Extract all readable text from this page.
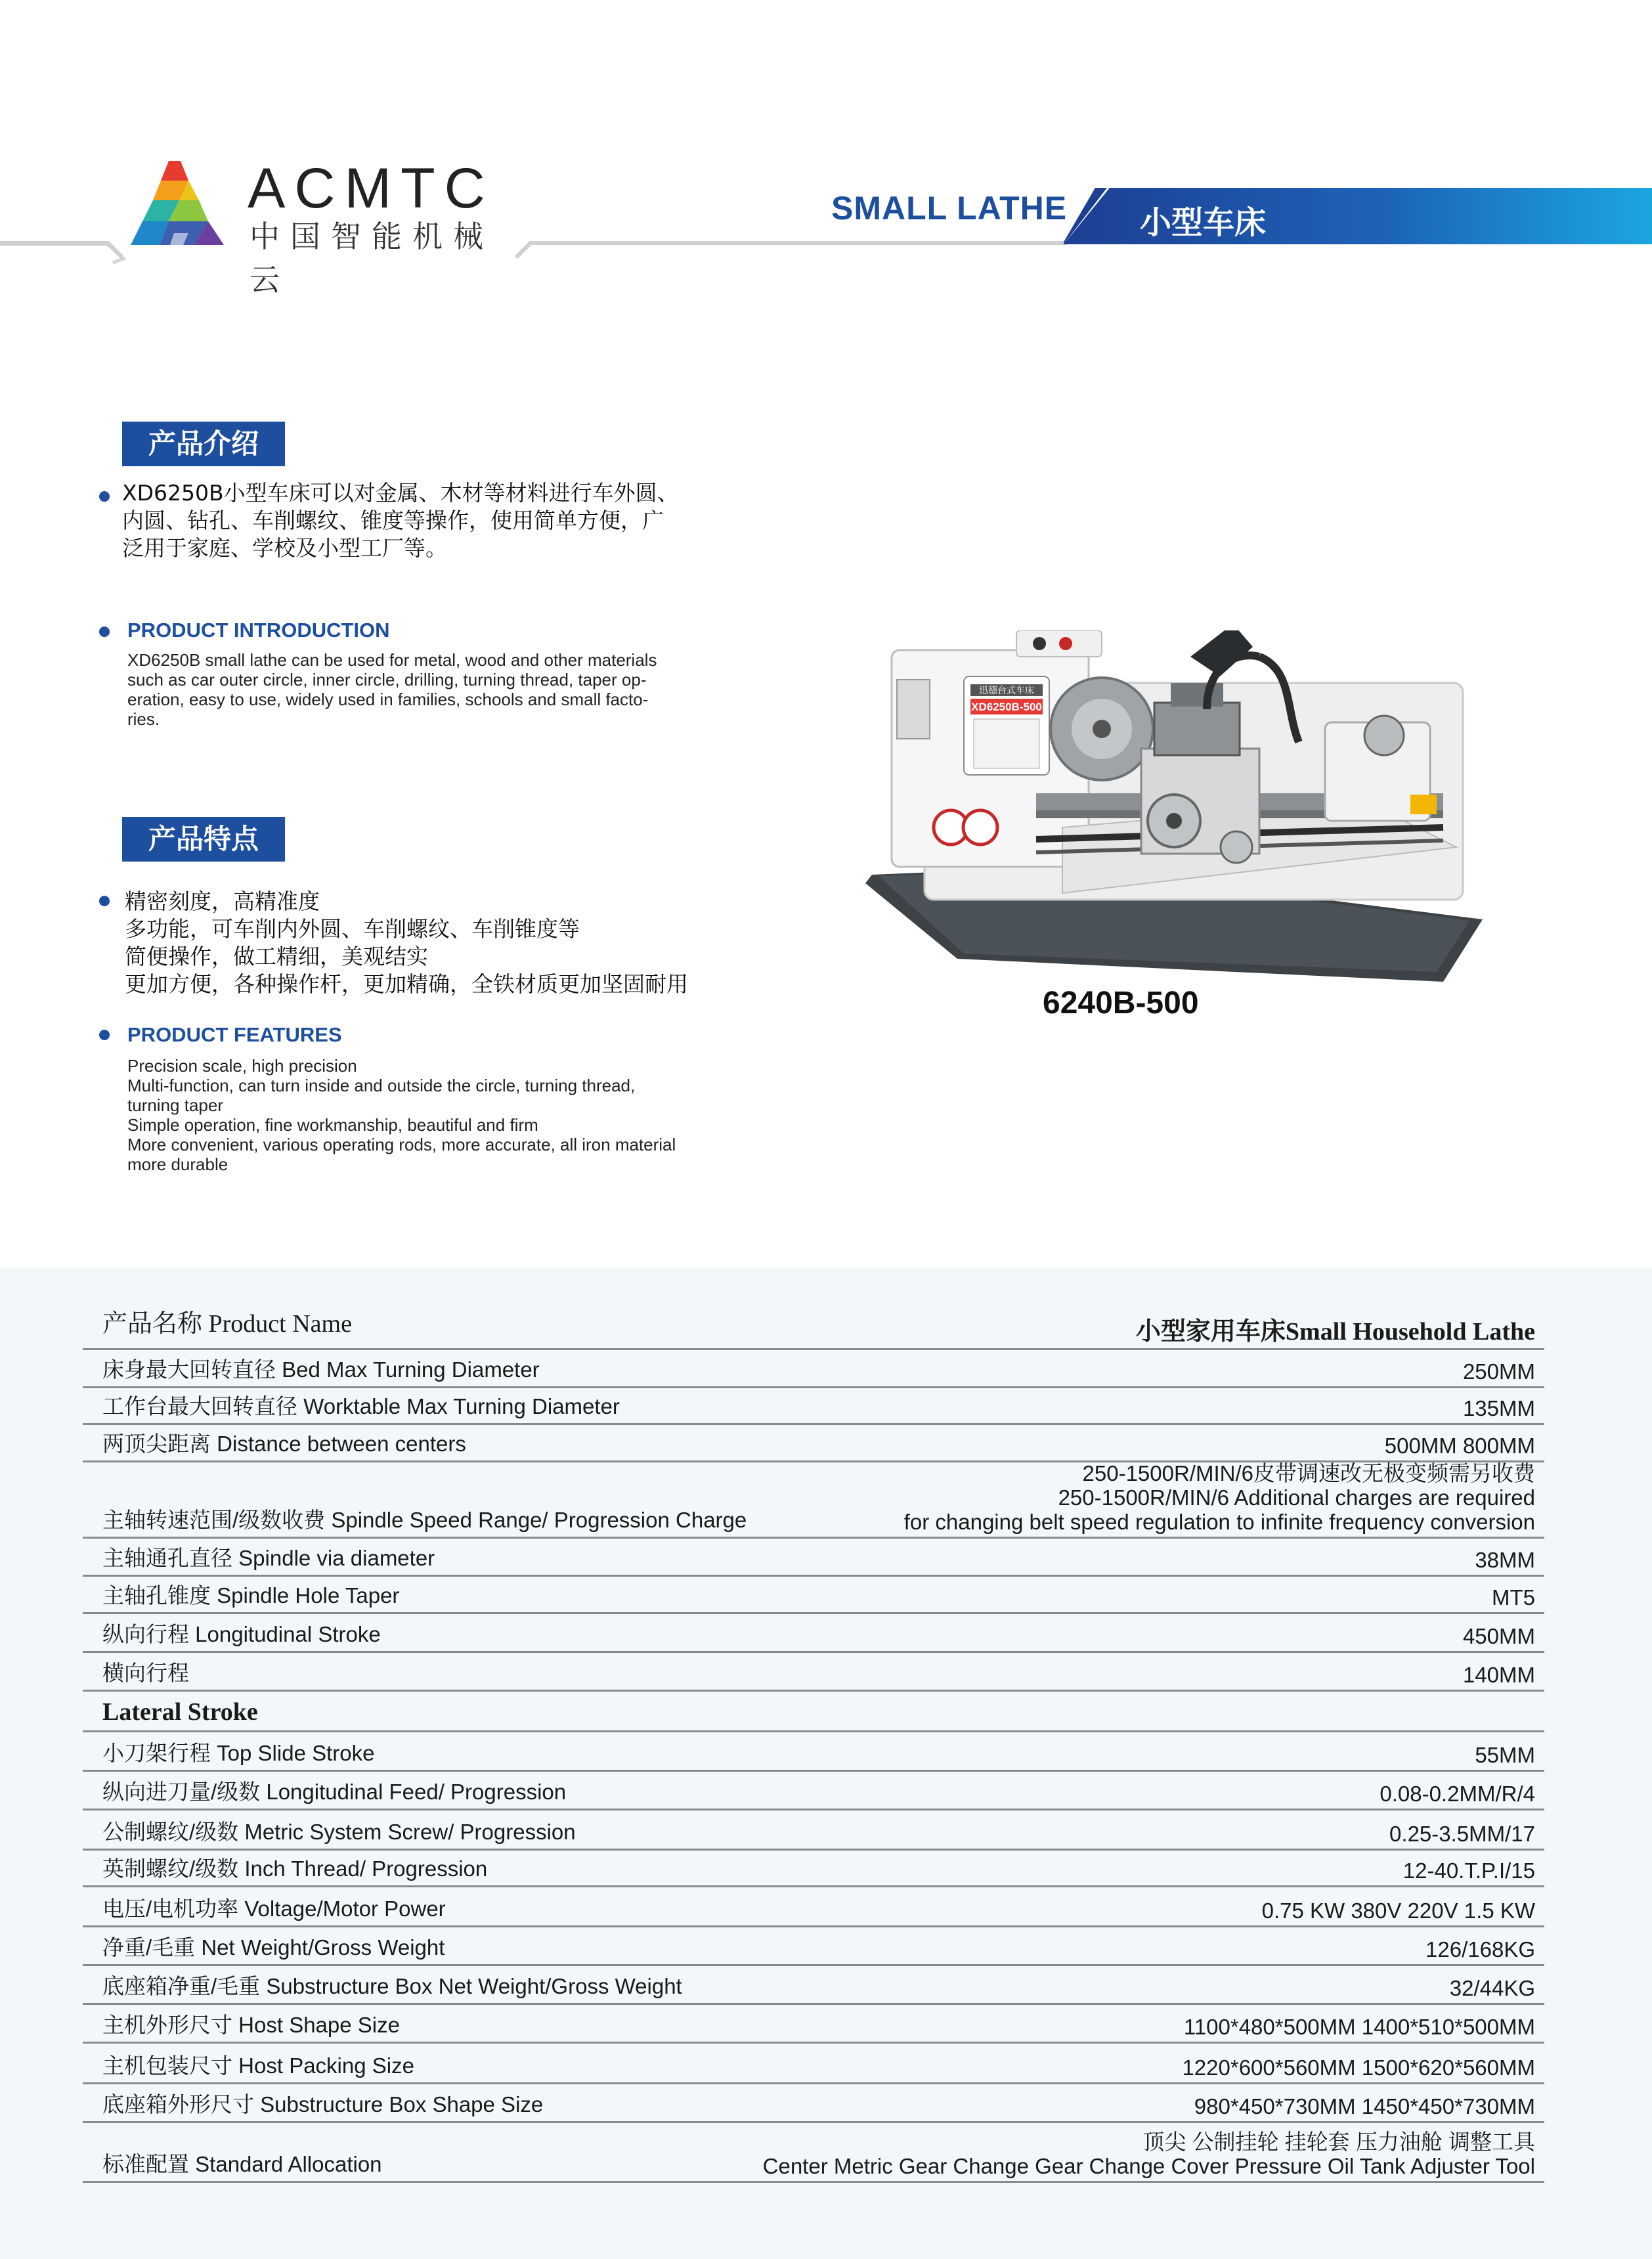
ACMTC
中国智能机械云
SMALL LATHE 小型车床
产品介绍
XD6250B小型车床可以对金属、木材等材料进行车外圆、
内圆、钻孔、车削螺纹、锥度等操作，使用简单方便，广
泛用于家庭、学校及小型工厂等。
PRODUCT INTRODUCTION
XD6250B small lathe can be used for metal, wood and other materials
such as car outer circle, inner circle, drilling, turning thread, taper op-
eration, easy to use, widely used in families, schools and small facto-
ries.
产品特点
精密刻度，高精准度
多功能，可车削内外圆、车削螺纹、车削锥度等
简便操作，做工精细，美观结实
更加方便，各种操作杆，更加精确，全铁材质更加坚固耐用
PRODUCT FEATURES
Precision scale, high precision
Multi-function, can turn inside and outside the circle, turning thread,
turning taper
Simple operation, fine workmanship, beautiful and firm
More convenient, various operating rods, more accurate, all iron material
more durable
迅德台式车床
XD6250B-500
6240B-500
产品名称 Product Name	小型家用车床Small Household Lathe
床身最大回转直径 Bed Max Turning Diameter	250MM
工作台最大回转直径 Worktable Max Turning Diameter	135MM
两顶尖距离 Distance between centers	500MM 800MM
主轴转速范围/级数收费 Spindle Speed Range/ Progression Charge
250-1500R/MIN/6皮带调速改无极变频需另收费
250-1500R/MIN/6 Additional charges are required
for changing belt speed regulation to infinite frequency conversion
主轴通孔直径 Spindle via diameter	38MM
主轴孔锥度 Spindle Hole Taper	MT5
纵向行程 Longitudinal Stroke	450MM
横向行程	140MM
Lateral Stroke
小刀架行程 Top Slide Stroke	55MM
纵向进刀量/级数 Longitudinal Feed/ Progression	0.08-0.2MM/R/4
公制螺纹/级数 Metric System Screw/ Progression	0.25-3.5MM/17
英制螺纹/级数 Inch Thread/ Progression	12-40.T.P.I/15
电压/电机功率 Voltage/Motor Power	0.75 KW 380V 220V 1.5 KW
净重/毛重 Net Weight/Gross Weight	126/168KG
底座箱净重/毛重 Substructure Box Net Weight/Gross Weight	32/44KG
主机外形尺寸 Host Shape Size	1100*480*500MM 1400*510*500MM
主机包装尺寸 Host Packing Size	1220*600*560MM 1500*620*560MM
底座箱外形尺寸 Substructure Box Shape Size	980*450*730MM 1450*450*730MM
标准配置 Standard Allocation
顶尖 公制挂轮 挂轮套 压力油舱 调整工具
Center Metric Gear Change Gear Change Cover Pressure Oil Tank Adjuster Tool
